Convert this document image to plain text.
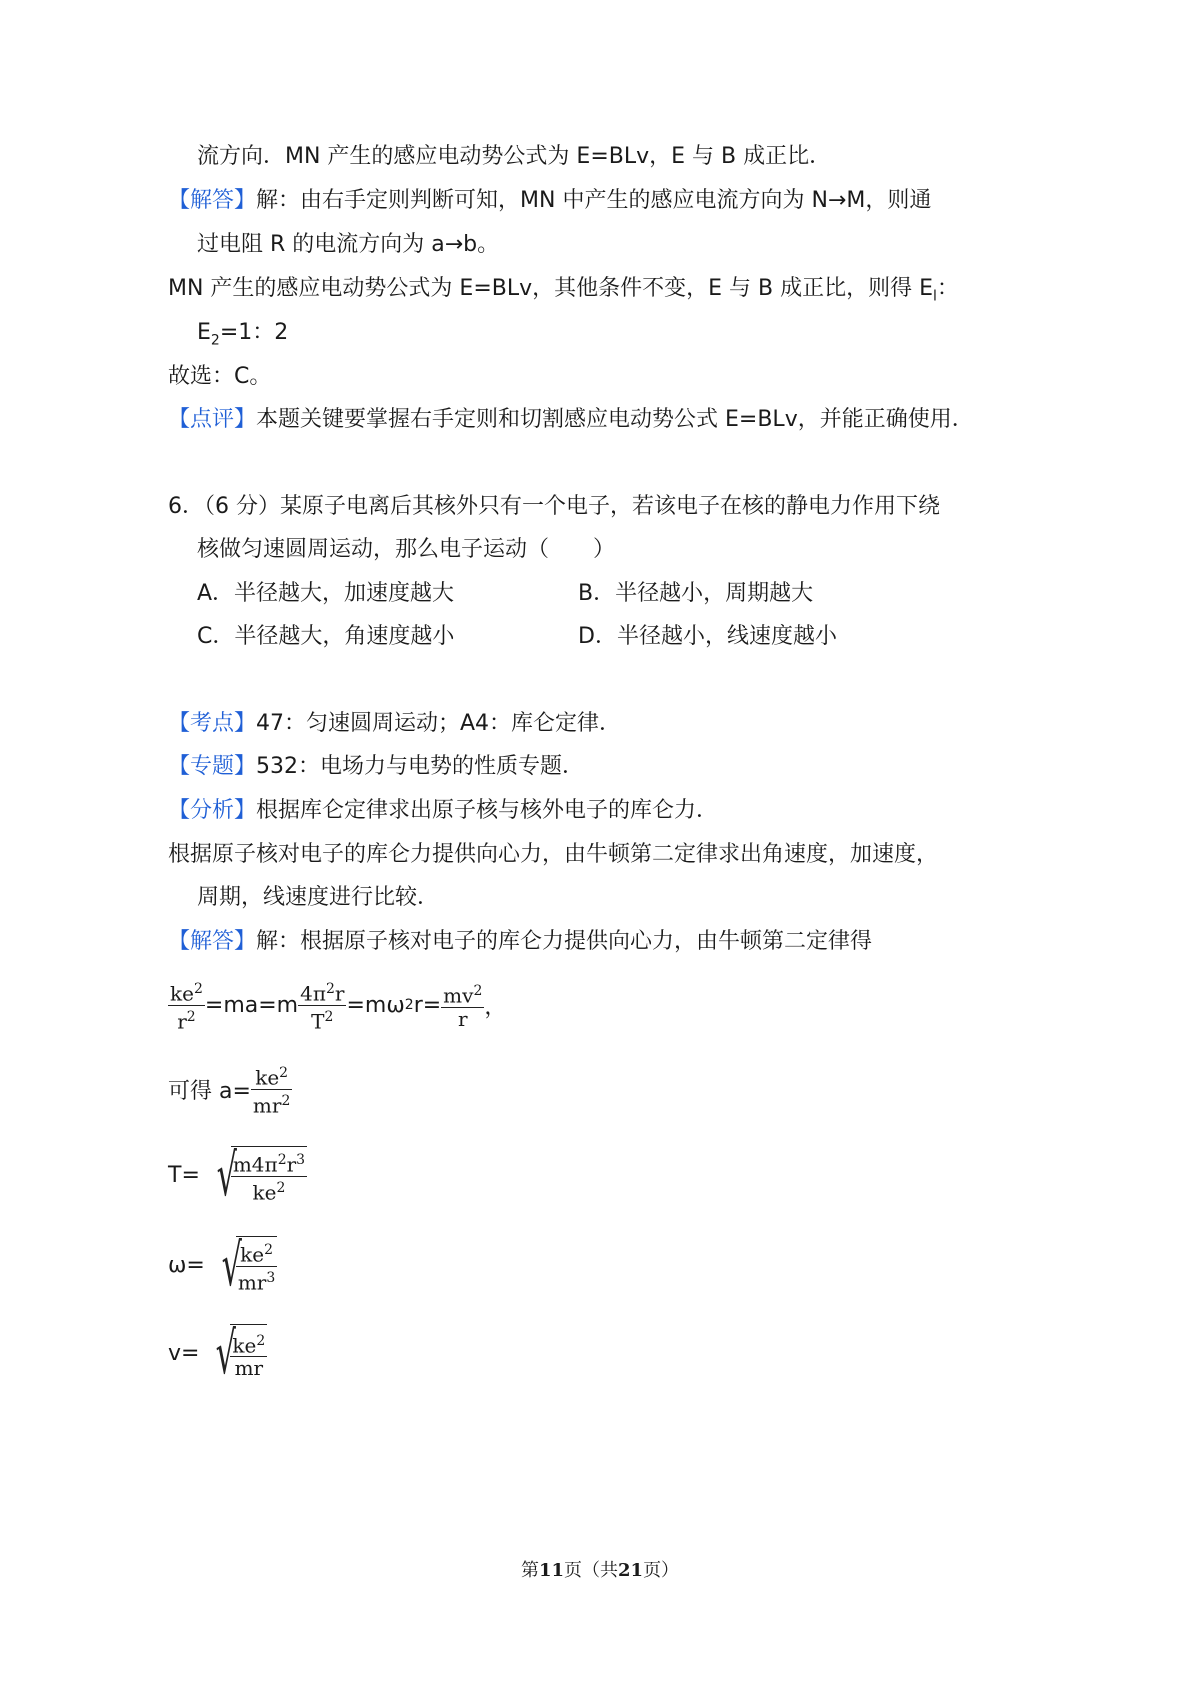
流方向．MN 产生的感应电动势公式为 E=BLv，E 与 B 成正比．
【解答】解：由右手定则判断可知，MN 中产生的感应电流方向为 N→M，则通
过电阻 R 的电流方向为 a→b。
MN 产生的感应电动势公式为 E=BLv，其他条件不变，E 与 B 成正比，则得 $E_l$：
$E_2=1$：2
故选：C。
【点评】本题关键要掌握右手定则和切割感应电动势公式 E=BLv，并能正确使用．
6．（6 分）某原子电离后其核外只有一个电子，若该电子在核的静电力作用下绕
核做匀速圆周运动，那么电子运动（　　）
A．半径越大，加速度越大	B．半径越小，周期越大
C．半径越大，角速度越小	D．半径越小，线速度越小
【考点】47：匀速圆周运动；A4：库仑定律．
【专题】532：电场力与电势的性质专题．
【分析】根据库仑定律求出原子核与核外电子的库仑力．
根据原子核对电子的库仑力提供向心力，由牛顿第二定律求出角速度，加速度，
周期，线速度进行比较．
【解答】解：根据原子核对电子的库仑力提供向心力，由牛顿第二定律得
$\frac{ke^2}{r^2} =ma=m \frac{4\pi^2r}{T^2} =m\omega$ 2 $r= \frac{mv^2}{r}$ ，
可得 $a= \frac{ke^2}{mr^2}$
T= √
$\frac{m4\pi^2r^3}{ke^2}$
ω= √
$\frac{ke^2}{mr^3}$
v= √
$\frac{ke^2}{mr}$
第11页（共21页）
